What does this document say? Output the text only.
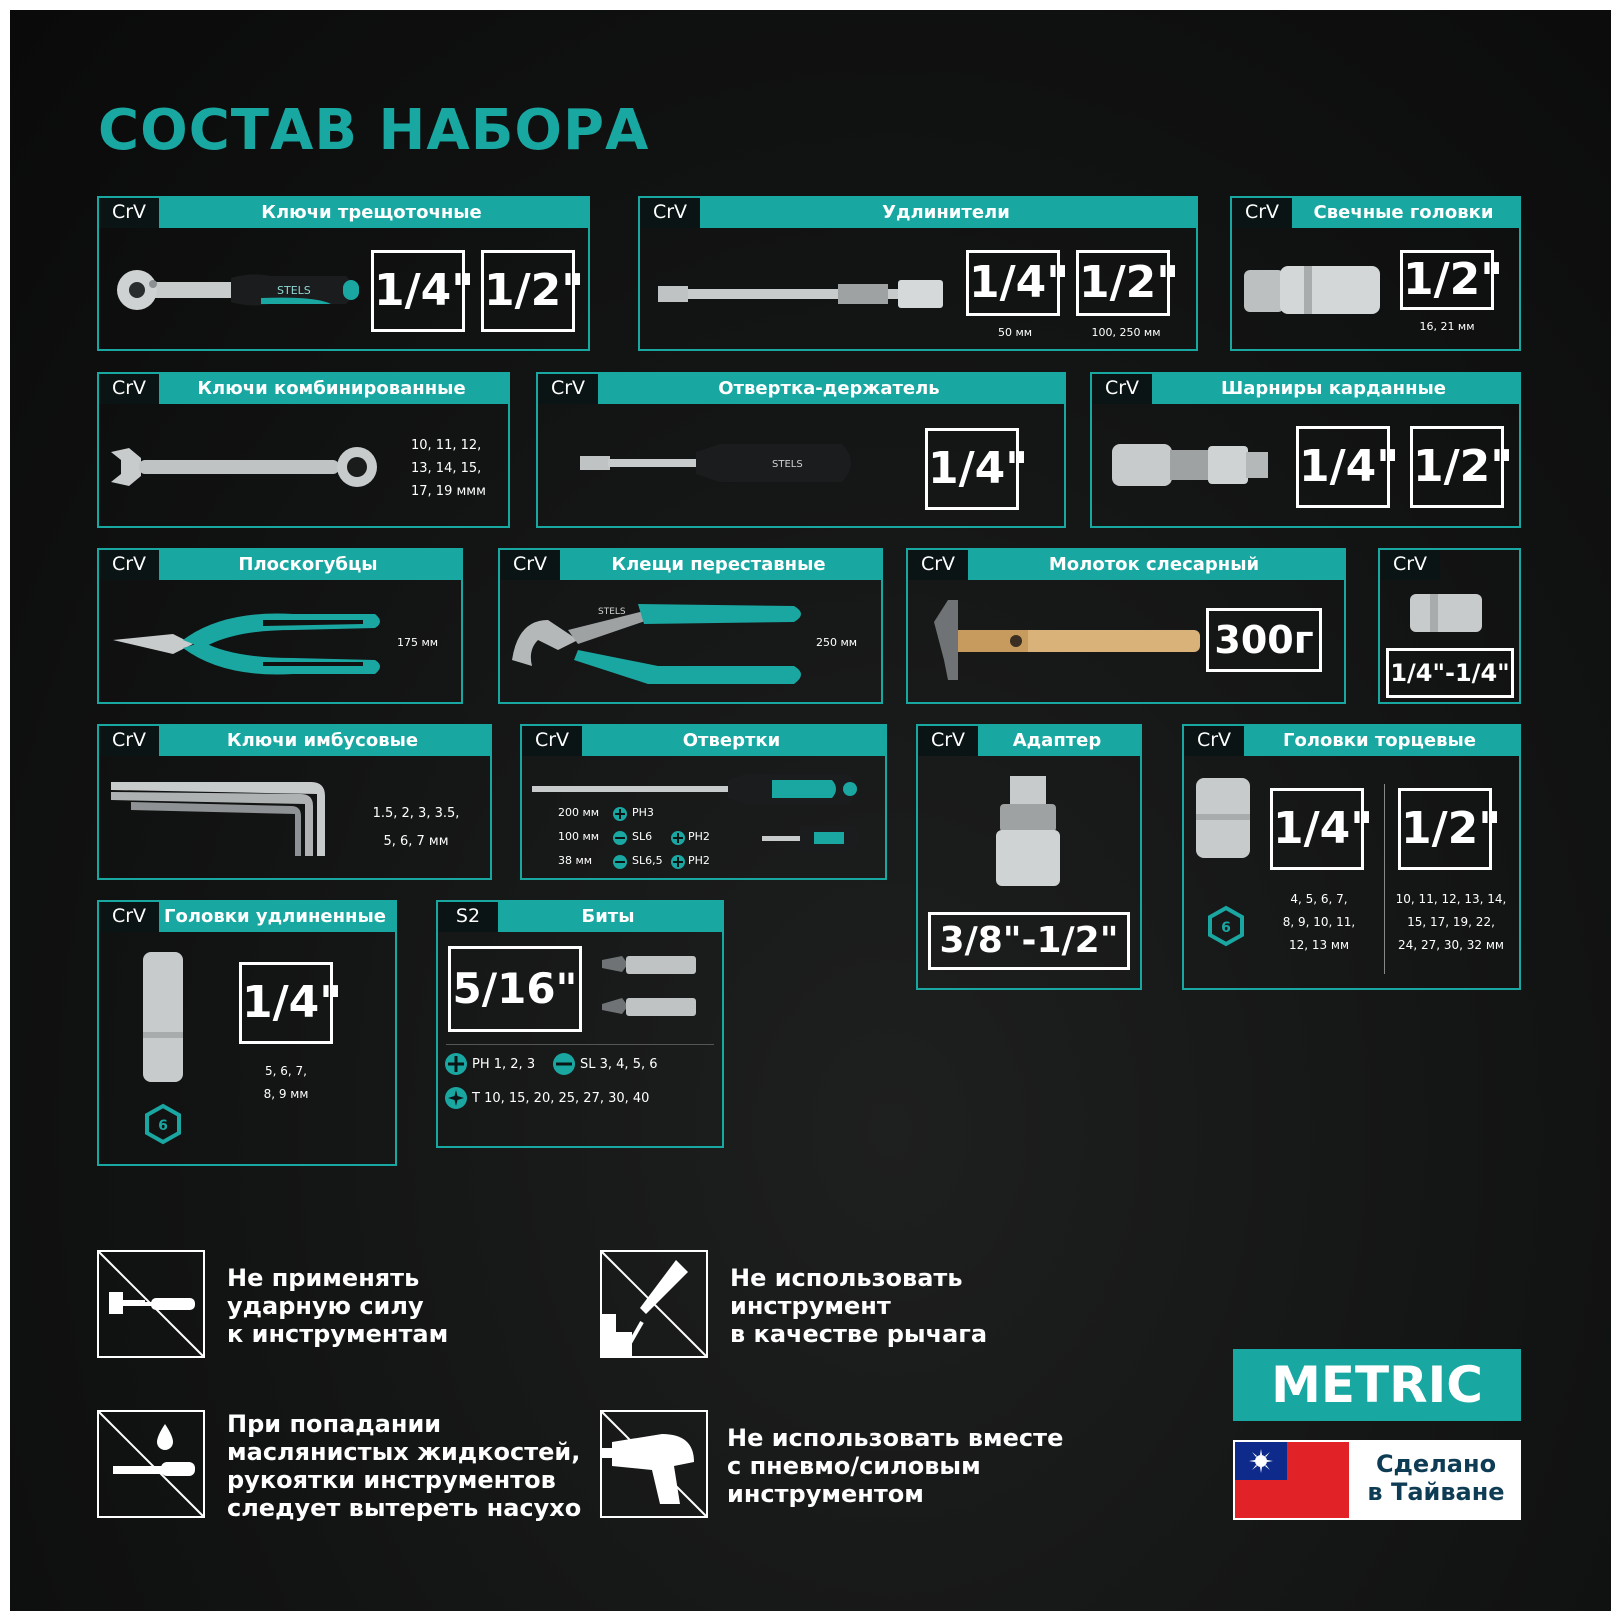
СОСТАВ НАБОРА
CrV	Ключи трещоточные
STELS 1/4" 1/2"
CrV	Удлинители
1/4" 1/2"
50 мм	100, 250 мм
CrV	Свечные головки
1/2"
16, 21 мм
CrV	Ключи комбинированные
10, 11, 12,
13, 14, 15,
17, 19 ммм
CrV	Отвертка-держатель
STELS	1/4"
CrV	Шарниры карданные
1/4" 1/2"
CrV	Плоскогубцы
175 мм
CrV	Клещи переставные
STELS
250 мм
CrV	Молоток слесарный
300г
CrV
1/4"-1/4"
CrV	Ключи имбусовые
1.5, 2, 3, 3.5,
5, 6, 7 мм
CrV	Отвертки
200 мм	PH3
100 мм	SL6	PH2
38 мм	SL6,5 PH2
CrV	Адаптер
3/8"-1/2"
CrV	Головки торцевые
1/4" 1/2"
4, 5, 6, 7,
8, 9, 10, 11,
12, 13 мм
10, 11, 12, 13, 14,
15, 17, 19, 22,
24, 27, 30, 32 мм
6
CrV Головки удлиненные
1/4"
5, 6, 7,
8, 9 мм
6
S2	Биты
5/16"
PH 1, 2, 3	SL 3, 4, 5, 6
T 10, 15, 20, 25, 27, 30, 40
Не применять
ударную силу
к инструментам
Не использовать
инструмент
в качестве рычага
При попадании
маслянистых жидкостей,
рукоятки инструментов
следует вытереть насухо
Не использовать вместе
с пневмо/силовым
инструментом
METRIC
Сделано
в Тайване
